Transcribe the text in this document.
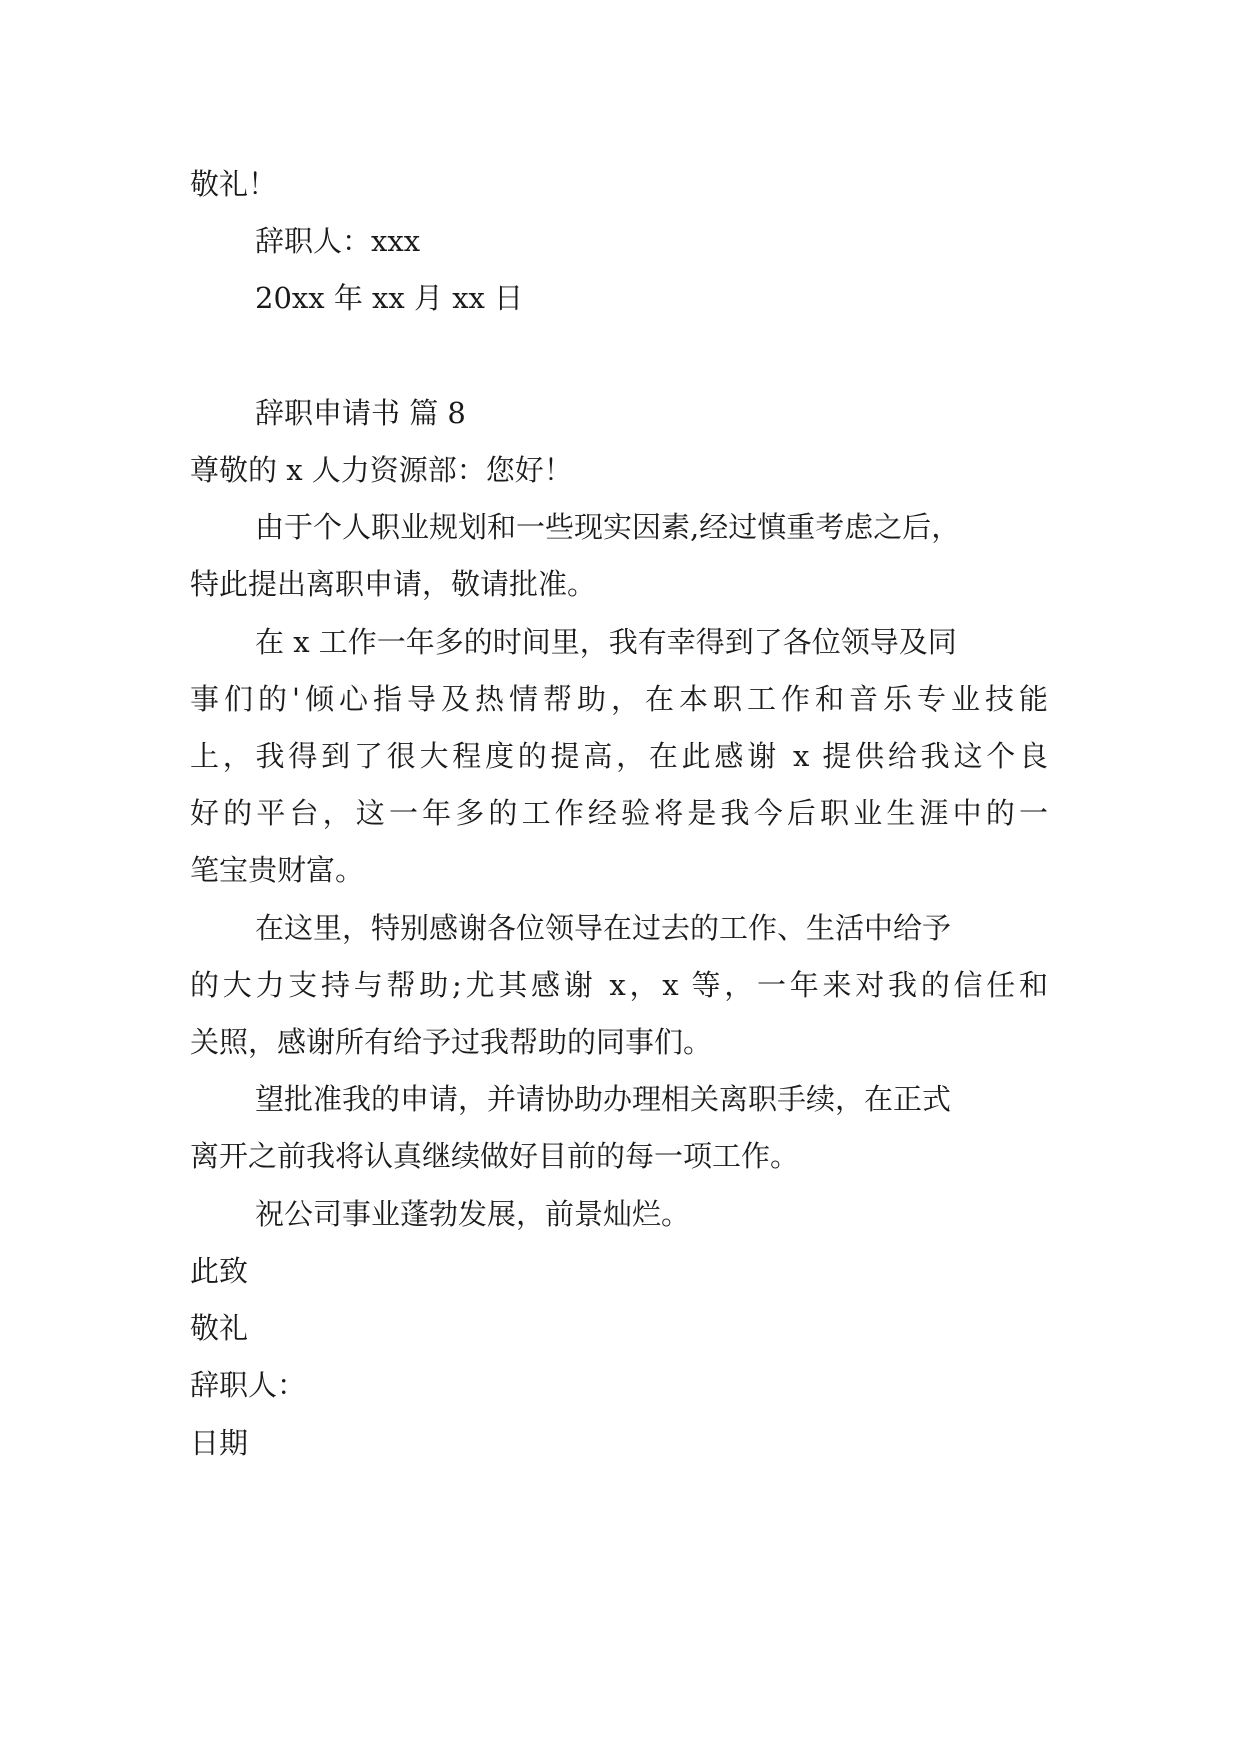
敬礼！

辞职人：xxx

20xx 年 xx 月 xx 日

辞职申请书 篇 8

尊敬的 x 人力资源部：您好！

由于个人职业规划和一些现实因素,经过慎重考虑之后，

特此提出离职申请，敬请批准。

在 x 工作一年多的时间里，我有幸得到了各位领导及同

事们的'倾心指导及热情帮助，在本职工作和音乐专业技能

上，我得到了很大程度的提高，在此感谢 x 提供给我这个良

好的平台，这一年多的工作经验将是我今后职业生涯中的一

笔宝贵财富。

在这里，特别感谢各位领导在过去的工作、生活中给予

的大力支持与帮助;尤其感谢 x，x 等，一年来对我的信任和

关照，感谢所有给予过我帮助的同事们。

望批准我的申请，并请协助办理相关离职手续，在正式

离开之前我将认真继续做好目前的每一项工作。

祝公司事业蓬勃发展，前景灿烂。

此致

敬礼

辞职人：

日期
